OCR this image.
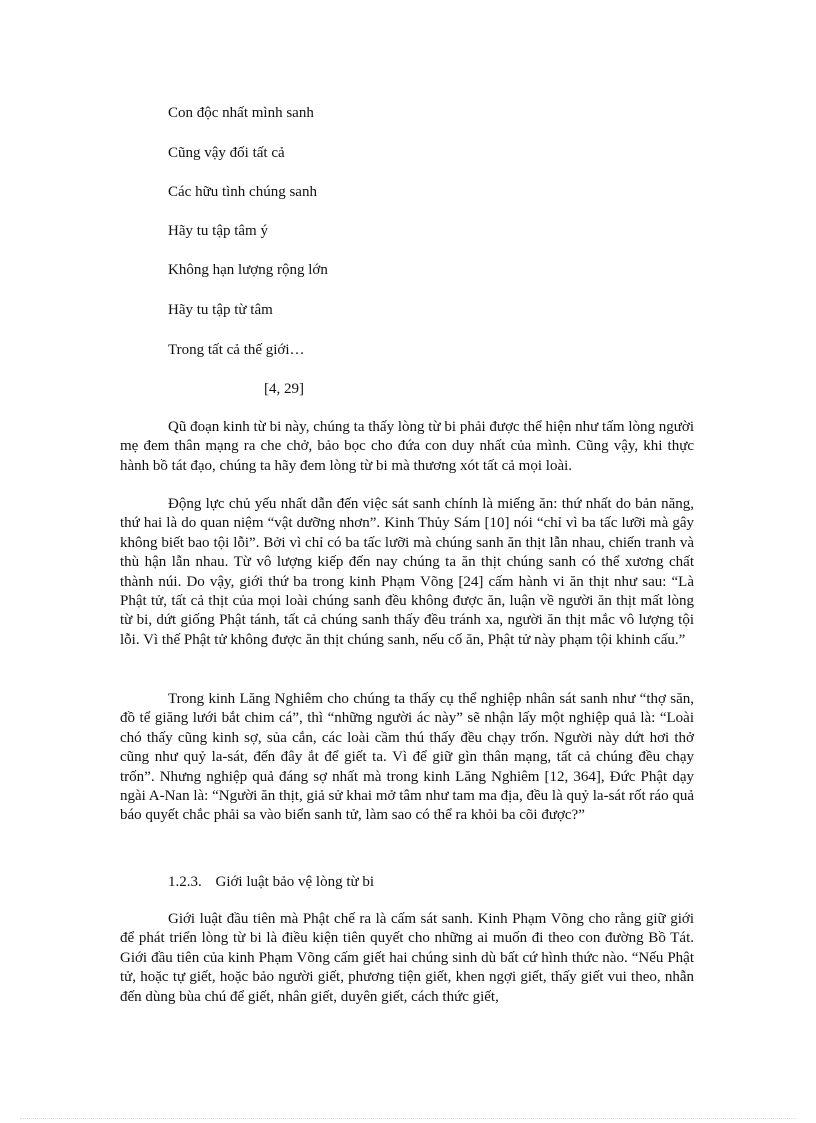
Con độc nhất mình sanh
Cũng vậy đối tất cả
Các hữu tình chúng sanh
Hãy tu tập tâm ý
Không hạn lượng rộng lớn
Hãy tu tập từ tâm
Trong tất cả thế giới…
[4, 29]

Qũ đoạn kinh từ bi này, chúng ta thấy lòng từ bi phải được thể hiện như tấm lòng người mẹ đem thân mạng ra che chở, bảo bọc cho đứa con duy nhất của mình. Cũng vậy, khi thực hành bồ tát đạo, chúng ta hãy đem lòng từ bi mà thương xót tất cả mọi loài.

Động lực chủ yếu nhất dẫn đến việc sát sanh chính là miếng ăn: thứ nhất do bản năng, thứ hai là do quan niệm “vật dưỡng nhơn”. Kinh Thủy Sám [10] nói “chỉ vì ba tấc lưỡi mà gây không biết bao tội lỗi”. Bởi vì chỉ có ba tấc lưỡi mà chúng sanh ăn thịt lẫn nhau, chiến tranh và thù hận lẫn nhau. Từ vô lượng kiếp đến nay chúng ta ăn thịt chúng sanh có thể xương chất thành núi. Do vậy, giới thứ ba trong kinh Phạm Võng [24] cấm hành vi ăn thịt như sau: “Là Phật tử, tất cả thịt của mọi loài chúng sanh đều không được ăn, luận về người ăn thịt mất lòng từ bi, dứt giống Phật tánh, tất cả chúng sanh thấy đều tránh xa, người ăn thịt mắc vô lượng tội lỗi. Vì thế Phật tử không được ăn thịt chúng sanh, nếu cố ăn, Phật tử này phạm tội khinh cấu.”

Trong kinh Lăng Nghiêm cho chúng ta thấy cụ thể nghiệp nhân sát sanh như “thợ săn, đồ tể giăng lưới bắt chim cá”, thì “những người ác này” sẽ nhận lấy một nghiệp quả là: “Loài chó thấy cũng kinh sợ, sủa cắn, các loài cầm thú thấy đều chạy trốn. Người này dứt hơi thở cũng như quỷ la-sát, đến đây ắt để giết ta. Vì để giữ gìn thân mạng, tất cả chúng đều chạy trốn”. Nhưng nghiệp quả đáng sợ nhất mà trong kinh Lăng Nghiêm [12, 364], Đức Phật dạy ngài A-Nan là: “Người ăn thịt, giả sử khai mở tâm như tam ma địa, đều là quỷ la-sát rốt ráo quả báo quyết chắc phải sa vào biển sanh tử, làm sao có thể ra khỏi ba cõi được?”

1.2.3. Giới luật bảo vệ lòng từ bi

Giới luật đầu tiên mà Phật chế ra là cấm sát sanh. Kinh Phạm Võng cho rằng giữ giới để phát triển lòng từ bi là điều kiện tiên quyết cho những ai muốn đi theo con đường Bồ Tát. Giới đầu tiên của kinh Phạm Võng cấm giết hai chúng sinh dù bất cứ hình thức nào. “Nếu Phật tử, hoặc tự giết, hoặc bảo người giết, phương tiện giết, khen ngợi giết, thấy giết vui theo, nhẫn đến dùng bùa chú để giết, nhân giết, duyên giết, cách thức giết,
